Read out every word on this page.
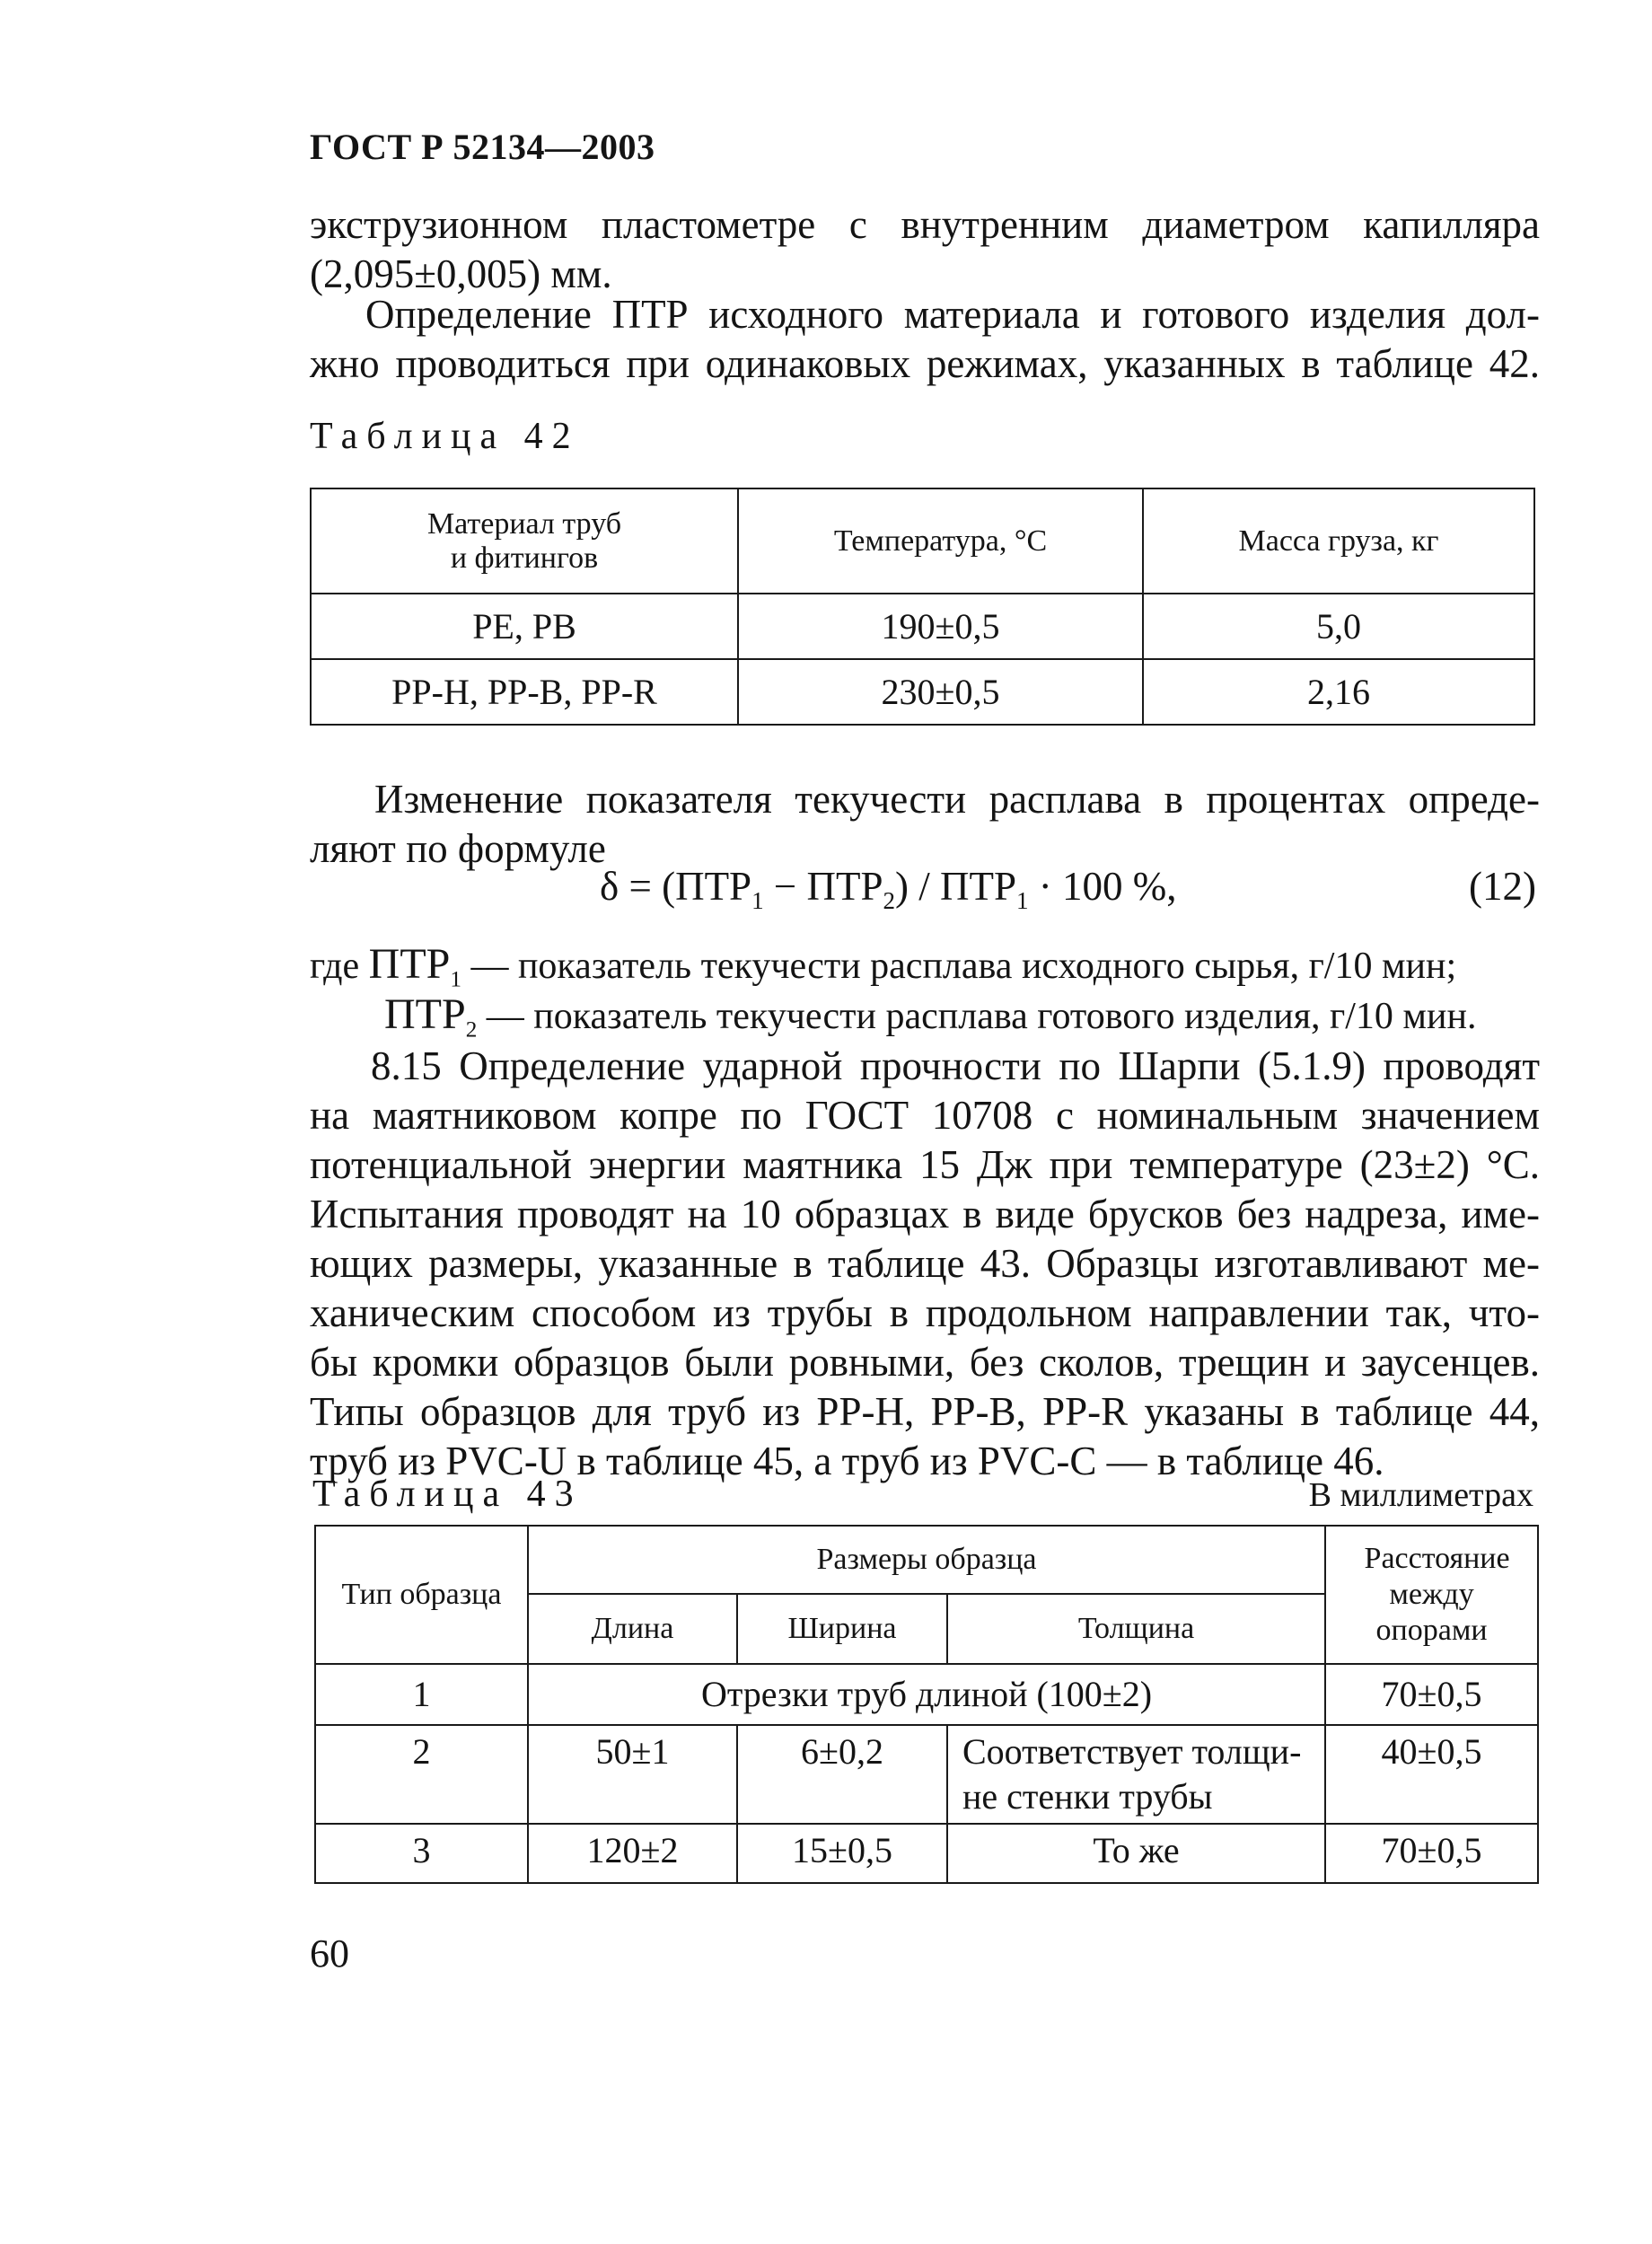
ГОСТ Р 52134—2003
экструзионном пластометре с внутренним диаметром капилляра
(2,095±0,005) мм.
Определение ПТР исходного материала и готового изделия дол-
жно проводиться при одинаковых режимах, указанных в таблице 42.
Таблица 42
Материал труб и фитингов	Температура, °С	Масса груза, кг
PE, PB	190±0,5	5,0
PP-H, PP-B, PP-R	230±0,5	2,16
Изменение показателя текучести расплава в процентах опреде-
ляют по формуле
$\delta = (ПТР_1 - ПТР_2) / ПТР_1 \cdot 100$ %,	(12)
где $ПТР_1$ — показатель текучести расплава исходного сырья, г/10 мин;
$ПТР_2$ — показатель текучести расплава готового изделия, г/10 мин.
8.15 Определение ударной прочности по Шарпи (5.1.9) проводят
на маятниковом копре по ГОСТ 10708 с номинальным значением
потенциальной энергии маятника 15 Дж при температуре (23±2) °С.
Испытания проводят на 10 образцах в виде брусков без надреза, име-
ющих размеры, указанные в таблице 43. Образцы изготавливают ме-
ханическим способом из трубы в продольном направлении так, что-
бы кромки образцов были ровными, без сколов, трещин и заусенцев.
Типы образцов для труб из PP-H, PP-B, PP-R указаны в таблице 44,
труб из PVC-U в таблице 45, а труб из PVC-C — в таблице 46.
Таблица 43	В миллиметрах
Тип образца	Размеры образца			Расстояние между опорами

	Длина	Ширина	Толщина	
1	Отрезки труб длиной (100±2)			70±0,5
2	50±1	6±0,2	Соответствует толщи- не стенки трубы	40±0,5
3	120±2	15±0,5	То же	70±0,5
60
